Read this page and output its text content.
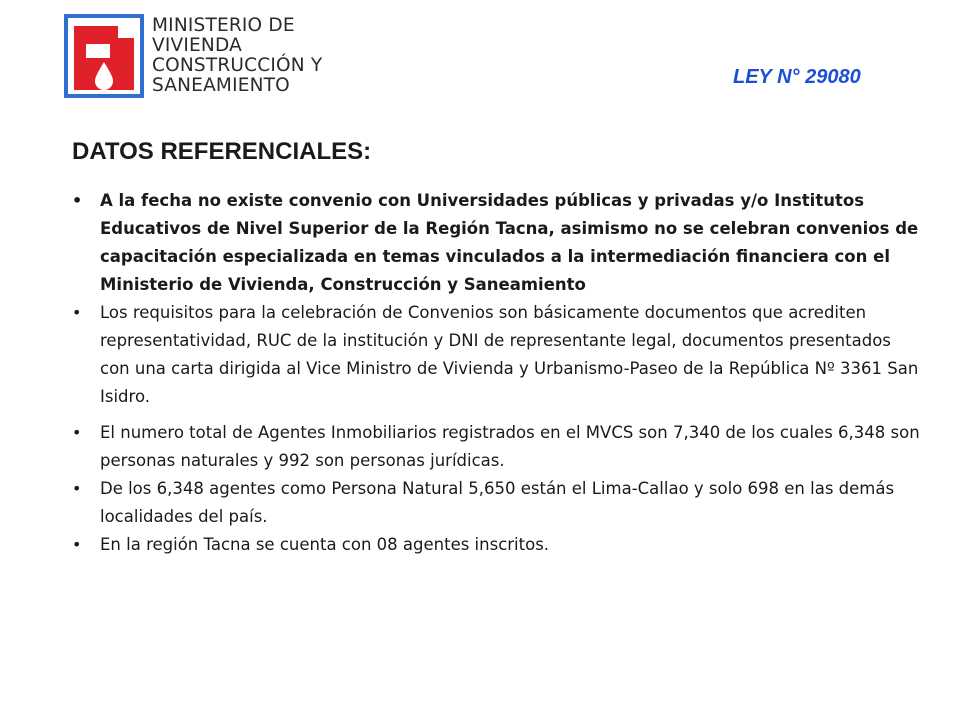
MINISTERIO DE
VIVIENDA
CONSTRUCCIÓN Y
SANEAMIENTO	LEY N° 29080
DATOS REFERENCIALES:
• A la fecha no existe convenio con Universidades públicas y privadas y/o Institutos Educativos de Nivel Superior de la Región Tacna, asimismo no se celebran convenios de capacitación especializada en temas vinculados a la intermediación financiera con el Ministerio de Vivienda, Construcción y Saneamiento
• Los requisitos para la celebración de Convenios son básicamente documentos que acrediten representatividad, RUC de la institución y DNI de representante legal, documentos presentados con una carta dirigida al Vice Ministro de Vivienda y Urbanismo-Paseo de la República Nº 3361 San Isidro.
• El numero total de Agentes Inmobiliarios registrados en el MVCS son 7,340 de los cuales 6,348 son personas naturales y 992 son personas jurídicas.
• De los 6,348 agentes como Persona Natural 5,650 están el Lima-Callao y solo 698 en las demás localidades del país.
• En la región Tacna se cuenta con 08 agentes inscritos.
